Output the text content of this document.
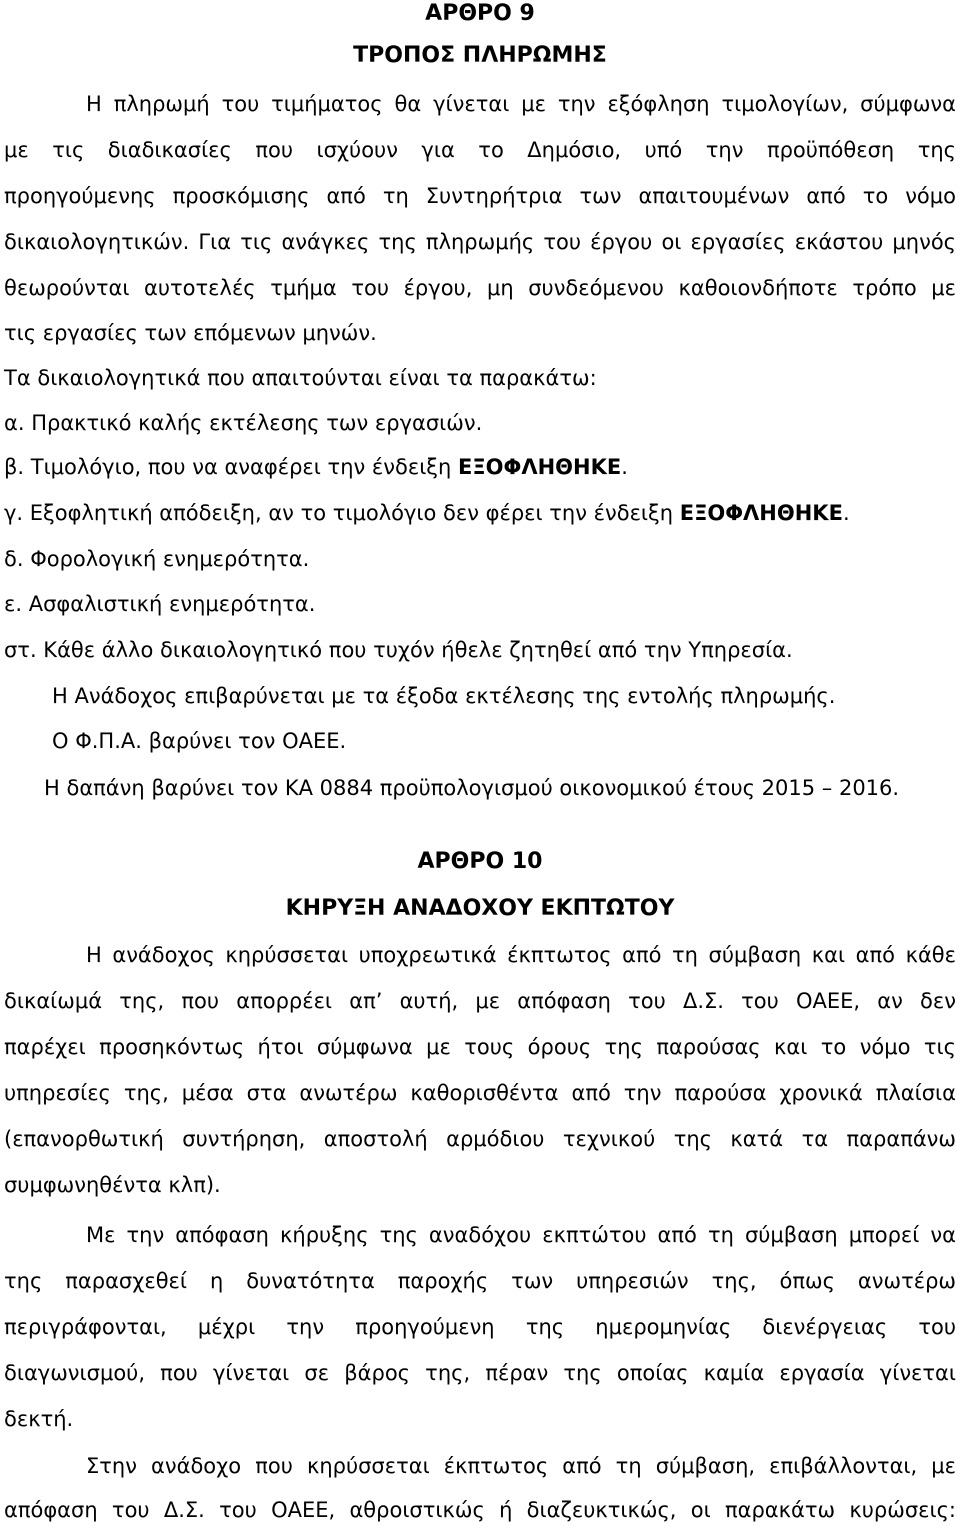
ΑΡΘΡΟ 9
ΤΡΟΠΟΣ ΠΛΗΡΩΜΗΣ
Η πληρωμή του τιμήματος θα γίνεται με την εξόφληση τιμολογίων, σύμφωνα
με τις διαδικασίες που ισχύουν για το Δημόσιο, υπό την προϋπόθεση της
προηγούμενης προσκόμισης από τη Συντηρήτρια των απαιτουμένων από το νόμο
δικαιολογητικών. Για τις ανάγκες της πληρωμής του έργου οι εργασίες εκάστου μηνός
θεωρούνται αυτοτελές τμήμα του έργου, μη συνδεόμενου καθοιονδήποτε τρόπο με
τις εργασίες των επόμενων μηνών.
Τα δικαιολογητικά που απαιτούνται είναι τα παρακάτω:
α. Πρακτικό καλής εκτέλεσης των εργασιών.
β. Τιμολόγιο, που να αναφέρει την ένδειξη ΕΞΟΦΛΗΘΗΚΕ.
γ. Εξοφλητική απόδειξη, αν το τιμολόγιο δεν φέρει την ένδειξη ΕΞΟΦΛΗΘΗΚΕ.
δ. Φορολογική ενημερότητα.
ε. Ασφαλιστική ενημερότητα.
στ. Κάθε άλλο δικαιολογητικό που τυχόν ήθελε ζητηθεί από την Υπηρεσία.
Η Ανάδοχος επιβαρύνεται με τα έξοδα εκτέλεσης της εντολής πληρωμής.
Ο Φ.Π.Α. βαρύνει τον ΟΑΕΕ.
Η δαπάνη βαρύνει τον ΚΑ 0884 προϋπολογισμού οικονομικού έτους 2015 – 2016.
ΑΡΘΡΟ 10
ΚΗΡΥΞΗ ΑΝΑΔΟΧΟΥ ΕΚΠΤΩΤΟΥ
Η ανάδοχος κηρύσσεται υποχρεωτικά έκπτωτος από τη σύμβαση και από κάθε
δικαίωμά της, που απορρέει απ’ αυτή, με απόφαση του Δ.Σ. του ΟΑΕΕ, αν δεν
παρέχει προσηκόντως ήτοι σύμφωνα με τους όρους της παρούσας και το νόμο τις
υπηρεσίες της, μέσα στα ανωτέρω καθορισθέντα από την παρούσα χρονικά πλαίσια
(επανορθωτική συντήρηση, αποστολή αρμόδιου τεχνικού της κατά τα παραπάνω
συμφωνηθέντα κλπ).
Με την απόφαση κήρυξης της αναδόχου εκπτώτου από τη σύμβαση μπορεί να
της παρασχεθεί η δυνατότητα παροχής των υπηρεσιών της, όπως ανωτέρω
περιγράφονται, μέχρι την προηγούμενη της ημερομηνίας διενέργειας του
διαγωνισμού, που γίνεται σε βάρος της, πέραν της οποίας καμία εργασία γίνεται
δεκτή.
Στην ανάδοχο που κηρύσσεται έκπτωτος από τη σύμβαση, επιβάλλονται, με
απόφαση του Δ.Σ. του ΟΑΕΕ, αθροιστικώς ή διαζευκτικώς, οι παρακάτω κυρώσεις:
